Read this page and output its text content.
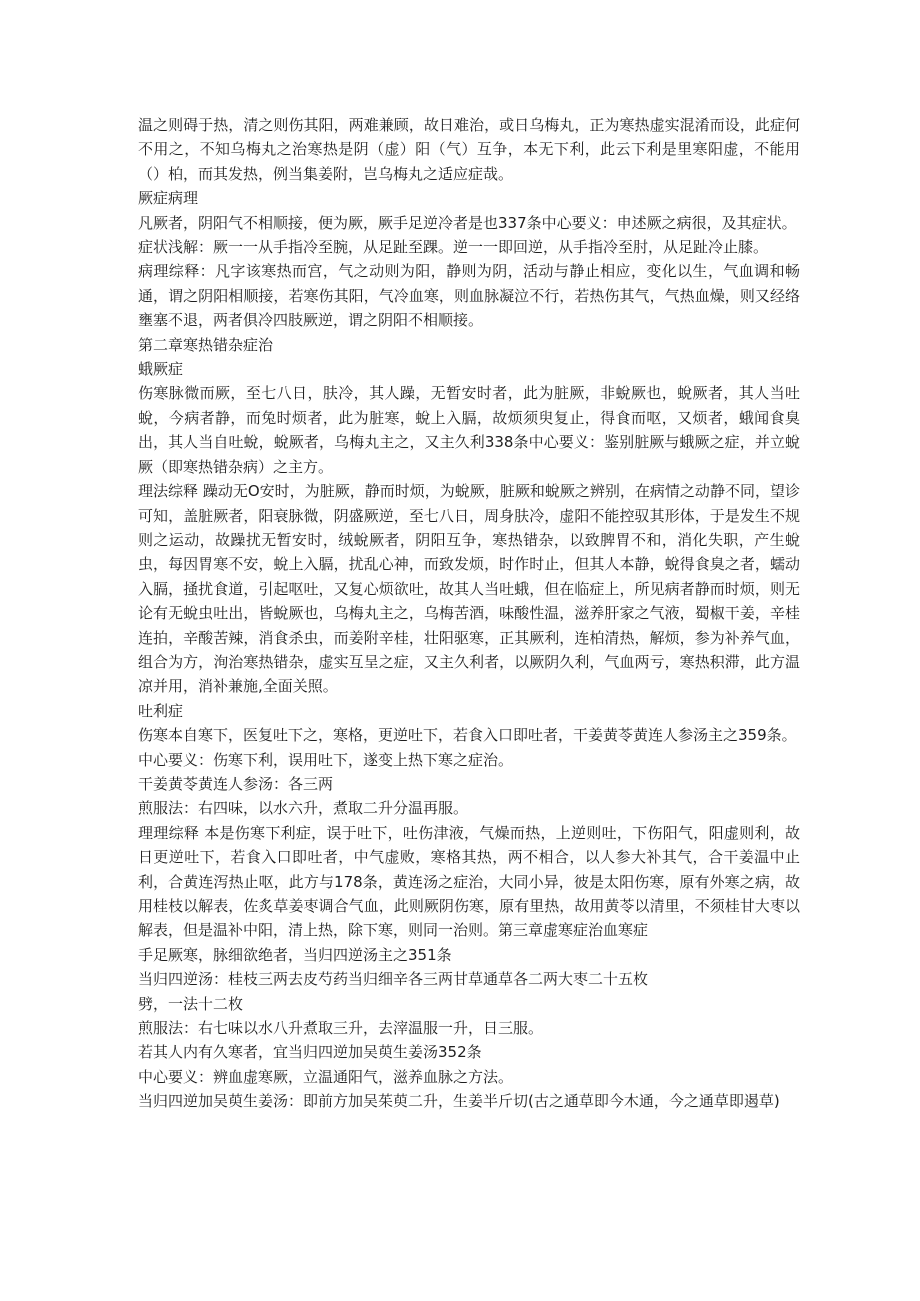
温之则碍于热，清之则伤其阳，两难兼顾，故日难治，或日乌梅丸，正为寒热虚实混淆而设，此症何不用之，不知乌梅丸之治寒热是阴（虚）阳（气）互争，本无下利，此云下利是里寒阳虚，不能用（）柏，而其发热，例当集姜附，岂乌梅丸之适应症哉。

厥症病理

凡厥者，阴阳气不相顺接，便为厥，厥手足逆冷者是也337条中心要义：申述厥之病很，及其症状。

症状浅解：厥一一从手指冷至腕，从足趾至踝。逆一一即回逆，从手指冷至肘，从足趾冷止膝。

病理综释：凡字该寒热而宫，气之动则为阳，静则为阴，活动与静止相应，变化以生，气血调和畅通，谓之阴阳相顺接，若寒伤其阳，气冷血寒，则血脉凝泣不行，若热伤其气，气热血燥，则又经络壅塞不退，两者俱冷四肢厥逆，谓之阴阳不相顺接。

第二章寒热错杂症治

蛾厥症

伤寒脉微而厥，至七八日，肤冷，其人躁，无暂安时者，此为脏厥，非蛻厥也，蛻厥者，其人当吐蛻，今病者静，而兔时烦者，此为脏寒，蛻上入膈，故烦须臾复止，得食而呕，又烦者，蛾闻食臭出，其人当自吐蛻，蛻厥者，乌梅丸主之，又主久利338条中心要义：鉴别脏厥与蛾厥之症，并立蛻厥（即寒热错杂病）之主方。

理法综释 躁动无O安时，为脏厥，静而时烦，为蛻厥，脏厥和蛻厥之辨别，在病情之动静不同，望诊可知，盖脏厥者，阳衰脉微，阴盛厥逆，至七八日，周身肤冷，虚阳不能控驭其形体，于是发生不规则之运动，故躁扰无暂安时，绒蛻厥者，阴阳互争，寒热错杂，以致脾胃不和，消化失职，产生蛻虫，每因胃寒不安，蛻上入膈，扰乱心神，而致发烦，时作时止，但其人本静，蛻得食臭之者，蠕动入膈，掻扰食道，引起呕吐，又复心烦欲吐，故其人当吐蛾，但在临症上，所见病者静而时烦，则无论有无蛻虫吐出，皆蛻厥也，乌梅丸主之，乌梅苦酒，味酸性温，滋养肝家之气液，蜀椒干姜，辛桂连拍，辛酸苦辣，消食杀虫，而姜附辛桂，壮阳驱寒，正其厥利，连柏清热，解烦，参为补养气血，组合为方，洵治寒热错杂，虚实互呈之症，又主久利者，以厥阴久利，气血两亏，寒热积滞，此方温凉并用，消补兼施,全面关照。

吐利症

伤寒本自寒下，医复吐下之，寒格，更逆吐下，若食入口即吐者，干姜黄苓黄连人参汤主之359条。

中心要义：伤寒下利，误用吐下，遂变上热下寒之症治。

干姜黄苓黄连人参汤：各三两

煎服法：右四味，以水六升，煮取二升分温再服。

理理综释 本是伤寒下利症，误于吐下，吐伤津液，气燥而热，上逆则吐，下伤阳气，阳虚则利，故日更逆吐下，若食入口即吐者，中气虚败，寒格其热，两不相合，以人参大补其气，合干姜温中止利，合黄连泻热止呕，此方与178条，黄连汤之症治，大同小异，彼是太阳伤寒，原有外寒之病，故用桂枝以解表，佐炙草姜枣调合气血，此则厥阴伤寒，原有里热，故用黄苓以清里，不须桂甘大枣以解表，但是温补中阳，清上热，除下寒，则同一治则。第三章虚寒症治血寒症

手足厥寒，脉细欲绝者，当归四逆汤主之351条

当归四逆汤：桂枝三两去皮芍药当归细辛各三两甘草通草各二两大枣二十五枚

劈，一法十二枚

煎服法：右七味以水八升煮取三升，去滓温服一升，日三服。

若其人内有久寒者，宜当归四逆加吴萸生姜汤352条

中心要义：辨血虚寒厥，立温通阳气，滋养血脉之方法。

当归四逆加吴萸生姜汤：即前方加吴茱萸二升，生姜半斤切(古之通草即今木通，今之通草即遏草)
